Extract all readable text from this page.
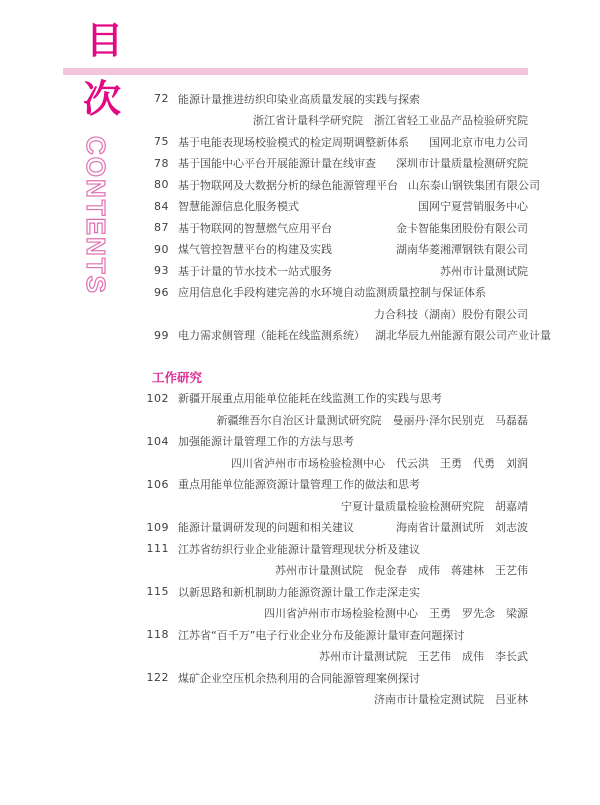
目
次
CONTENTS
72 能源计量推进纺织印染业高质量发展的实践与探索
浙江省计量科学研究院　浙江省轻工业品产品检验研究院
75 基于电能表现场校验模式的检定周期调整新体系	国网北京市电力公司
78 基于国能中心平台开展能源计量在线审查	深圳市计量质量检测研究院
80 基于物联网及大数据分析的绿色能源管理平台 山东泰山钢铁集团有限公司
84 智慧能源信息化服务模式	国网宁夏营销服务中心
87 基于物联网的智慧燃气应用平台	金卡智能集团股份有限公司
90 煤气管控智慧平台的构建及实践	湖南华菱湘潭钢铁有限公司
93 基于计量的节水技术一站式服务	苏州市计量测试院
96 应用信息化手段构建完善的水环境自动监测质量控制与保证体系
力合科技（湖南）股份有限公司
99 电力需求侧管理（能耗在线监测系统） 湖北华辰九州能源有限公司产业计量
工作研究
102 新疆开展重点用能单位能耗在线监测工作的实践与思考
新疆维吾尔自治区计量测试研究院　曼丽丹·泽尔民别克　马磊磊
104 加强能源计量管理工作的方法与思考
四川省泸州市市场检验检测中心　代云洪　王勇　代勇　刘润
106 重点用能单位能源资源计量管理工作的做法和思考
宁夏计量质量检验检测研究院　胡嘉靖
109 能源计量调研发现的问题和相关建议	海南省计量测试所　刘志波
111 江苏省纺织行业企业能源计量管理现状分析及建议
苏州市计量测试院　倪金春　成伟　蒋建林　王艺伟
115 以新思路和新机制助力能源资源计量工作走深走实
四川省泸州市市场检验检测中心　王勇　罗先念　梁源
118 江苏省“百千万”电子行业企业分布及能源计量审查问题探讨
苏州市计量测试院　王艺伟　成伟　李长武
122 煤矿企业空压机余热利用的合同能源管理案例探讨
济南市计量检定测试院　吕亚林
